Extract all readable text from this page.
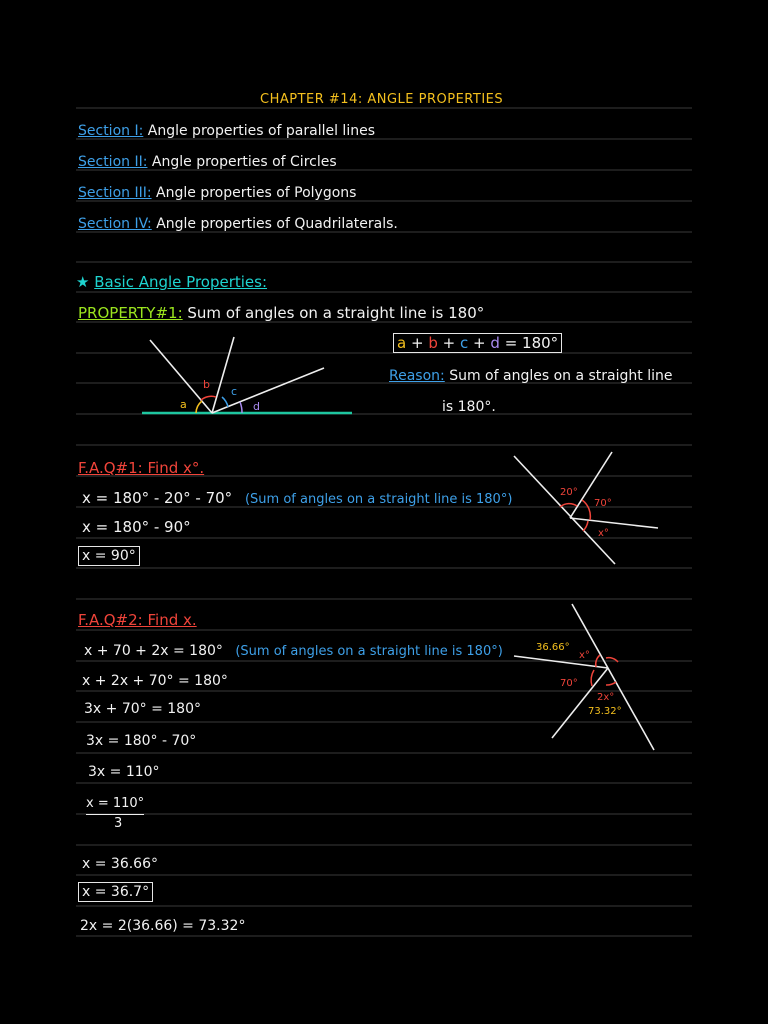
CHAPTER #14: ANGLE PROPERTIES
Section I: Angle properties of parallel lines
Section II: Angle properties of Circles
Section III: Angle properties of Polygons
Section IV: Angle properties of Quadrilaterals.
★ Basic Angle Properties:
PROPERTY#1: Sum of angles on a straight line is 180°
a + b + c + d = 180°
Reason: Sum of angles on a straight line
is 180°.
a
b
c
d
F.A.Q#1: Find x°.
x = 180° - 20° - 70° (Sum of angles on a straight line is 180°)
x = 180° - 90°
x = 90°
20°
70°
x°
F.A.Q#2: Find x.
x + 70 + 2x = 180° (Sum of angles on a straight line is 180°)
x + 2x + 70° = 180°
3x + 70° = 180°
3x = 180° - 70°
3x = 110°
$\frac{x = 110^\circ}{3}$
x = 36.66°
x = 36.7°
2x = 2(36.66) = 73.32°
36.66°
x°
70°
2x°
73.32°
